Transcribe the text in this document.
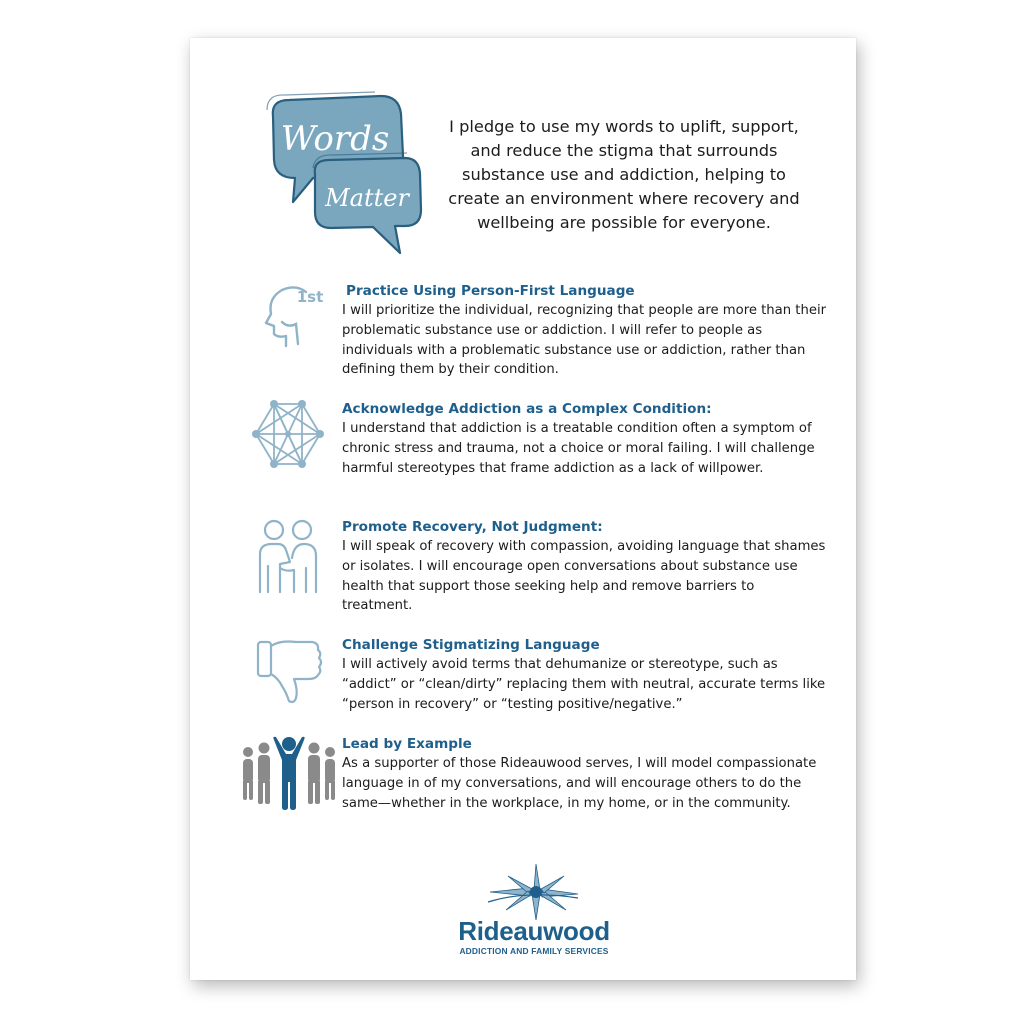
Words
Matter

I pledge to use my words to uplift, support, and reduce the stigma that surrounds substance use and addiction, helping to create an environment where recovery and wellbeing are possible for everyone.

1st Practice Using Person-First Language

I will prioritize the individual, recognizing that people are more than their problematic substance use or addiction. I will refer to people as individuals with a problematic substance use or addiction, rather than defining them by their condition.

Acknowledge Addiction as a Complex Condition:

I understand that addiction is a treatable condition often a symptom of chronic stress and trauma, not a choice or moral failing. I will challenge harmful stereotypes that frame addiction as a lack of willpower.

Promote Recovery, Not Judgment:

I will speak of recovery with compassion, avoiding language that shames or isolates. I will encourage open conversations about substance use health that support those seeking help and remove barriers to treatment.

Challenge Stigmatizing Language

I will actively avoid terms that dehumanize or stereotype, such as “addict” or “clean/dirty” replacing them with neutral, accurate terms like “person in recovery” or “testing positive/negative.”

Lead by Example

As a supporter of those Rideauwood serves, I will model compassionate language in of my conversations, and will encourage others to do the same—whether in the workplace, in my home, or in the community.

Rideauwood
ADDICTION AND FAMILY SERVICES
